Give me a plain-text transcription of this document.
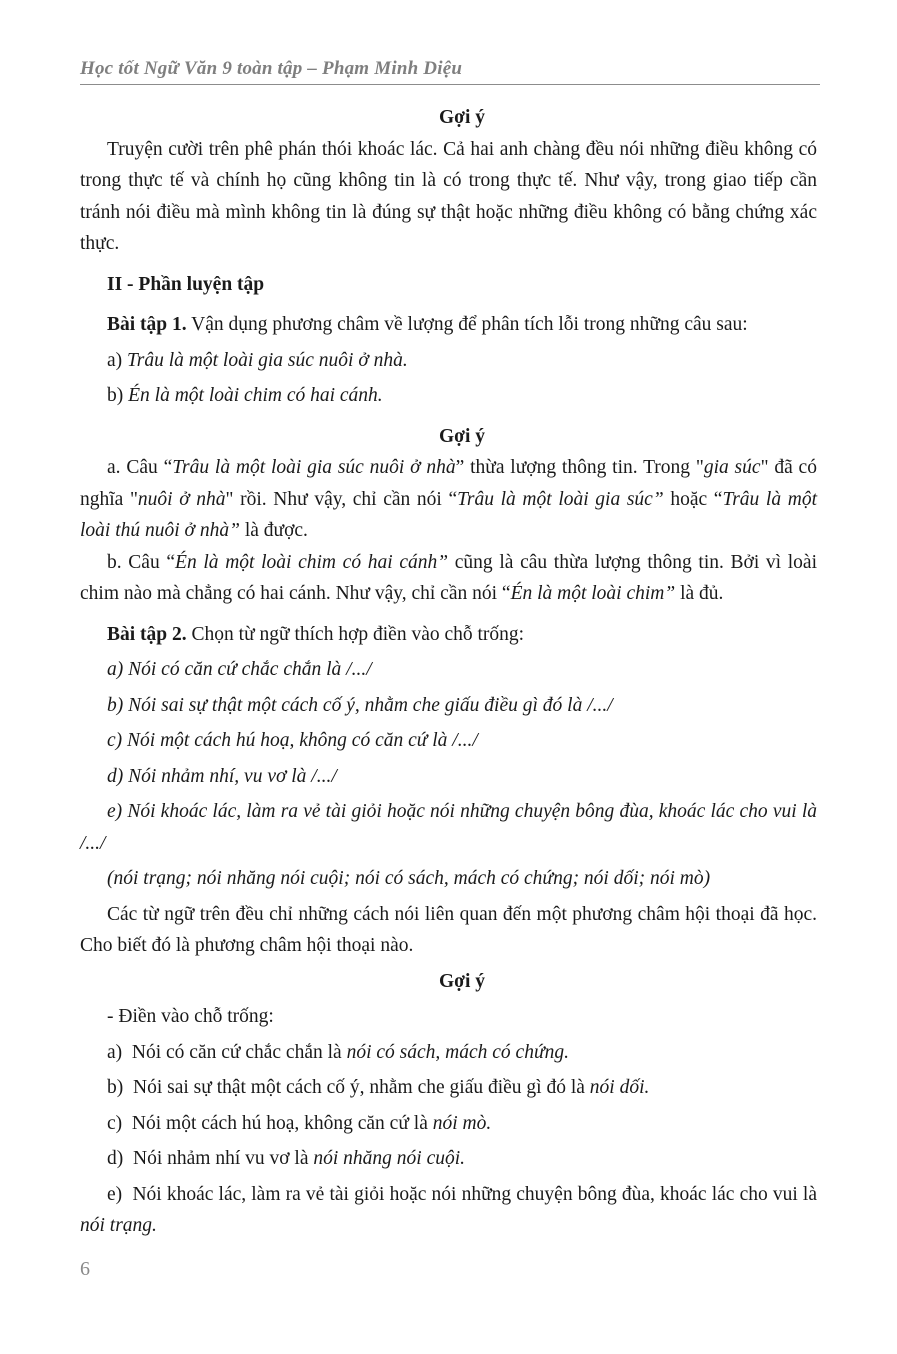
Học tốt Ngữ Văn 9 toàn tập – Phạm Minh Diệu

Gợi ý

Truyện cười trên phê phán thói khoác lác. Cả hai anh chàng đều nói những điều không có trong thực tế và chính họ cũng không tin là có trong thực tế. Như vậy, trong giao tiếp cần tránh nói điều mà mình không tin là đúng sự thật hoặc những điều không có bằng chứng xác thực.

II - Phần luyện tập

Bài tập 1. Vận dụng phương châm về lượng để phân tích lỗi trong những câu sau:

a) Trâu là một loài gia súc nuôi ở nhà.

b) Én là một loài chim có hai cánh.

Gợi ý

a. Câu “Trâu là một loài gia súc nuôi ở nhà” thừa lượng thông tin. Trong "gia súc" đã có nghĩa "nuôi ở nhà" rồi. Như vậy, chỉ cần nói “Trâu là một loài gia súc” hoặc “Trâu là một loài thú nuôi ở nhà” là được.

b. Câu “Én là một loài chim có hai cánh” cũng là câu thừa lượng thông tin. Bởi vì loài chim nào mà chẳng có hai cánh. Như vậy, chỉ cần nói “Én là một loài chim” là đủ.

Bài tập 2. Chọn từ ngữ thích hợp điền vào chỗ trống:

a) Nói có căn cứ chắc chắn là /.../

b) Nói sai sự thật một cách cố ý, nhằm che giấu điều gì đó là /.../

c) Nói một cách hú hoạ, không có căn cứ là /.../

d) Nói nhảm nhí, vu vơ là /.../

e) Nói khoác lác, làm ra vẻ tài giỏi hoặc nói những chuyện bông đùa, khoác lác cho vui là /.../

(nói trạng; nói nhăng nói cuội; nói có sách, mách có chứng; nói dối; nói mò)

Các từ ngữ trên đều chỉ những cách nói liên quan đến một phương châm hội thoại đã học. Cho biết đó là phương châm hội thoại nào.

Gợi ý

- Điền vào chỗ trống:

a) Nói có căn cứ chắc chắn là nói có sách, mách có chứng.

b) Nói sai sự thật một cách cố ý, nhằm che giấu điều gì đó là nói dối.

c) Nói một cách hú hoạ, không căn cứ là nói mò.

d) Nói nhảm nhí vu vơ là nói nhăng nói cuội.

e) Nói khoác lác, làm ra vẻ tài giỏi hoặc nói những chuyện bông đùa, khoác lác cho vui là nói trạng.

6
